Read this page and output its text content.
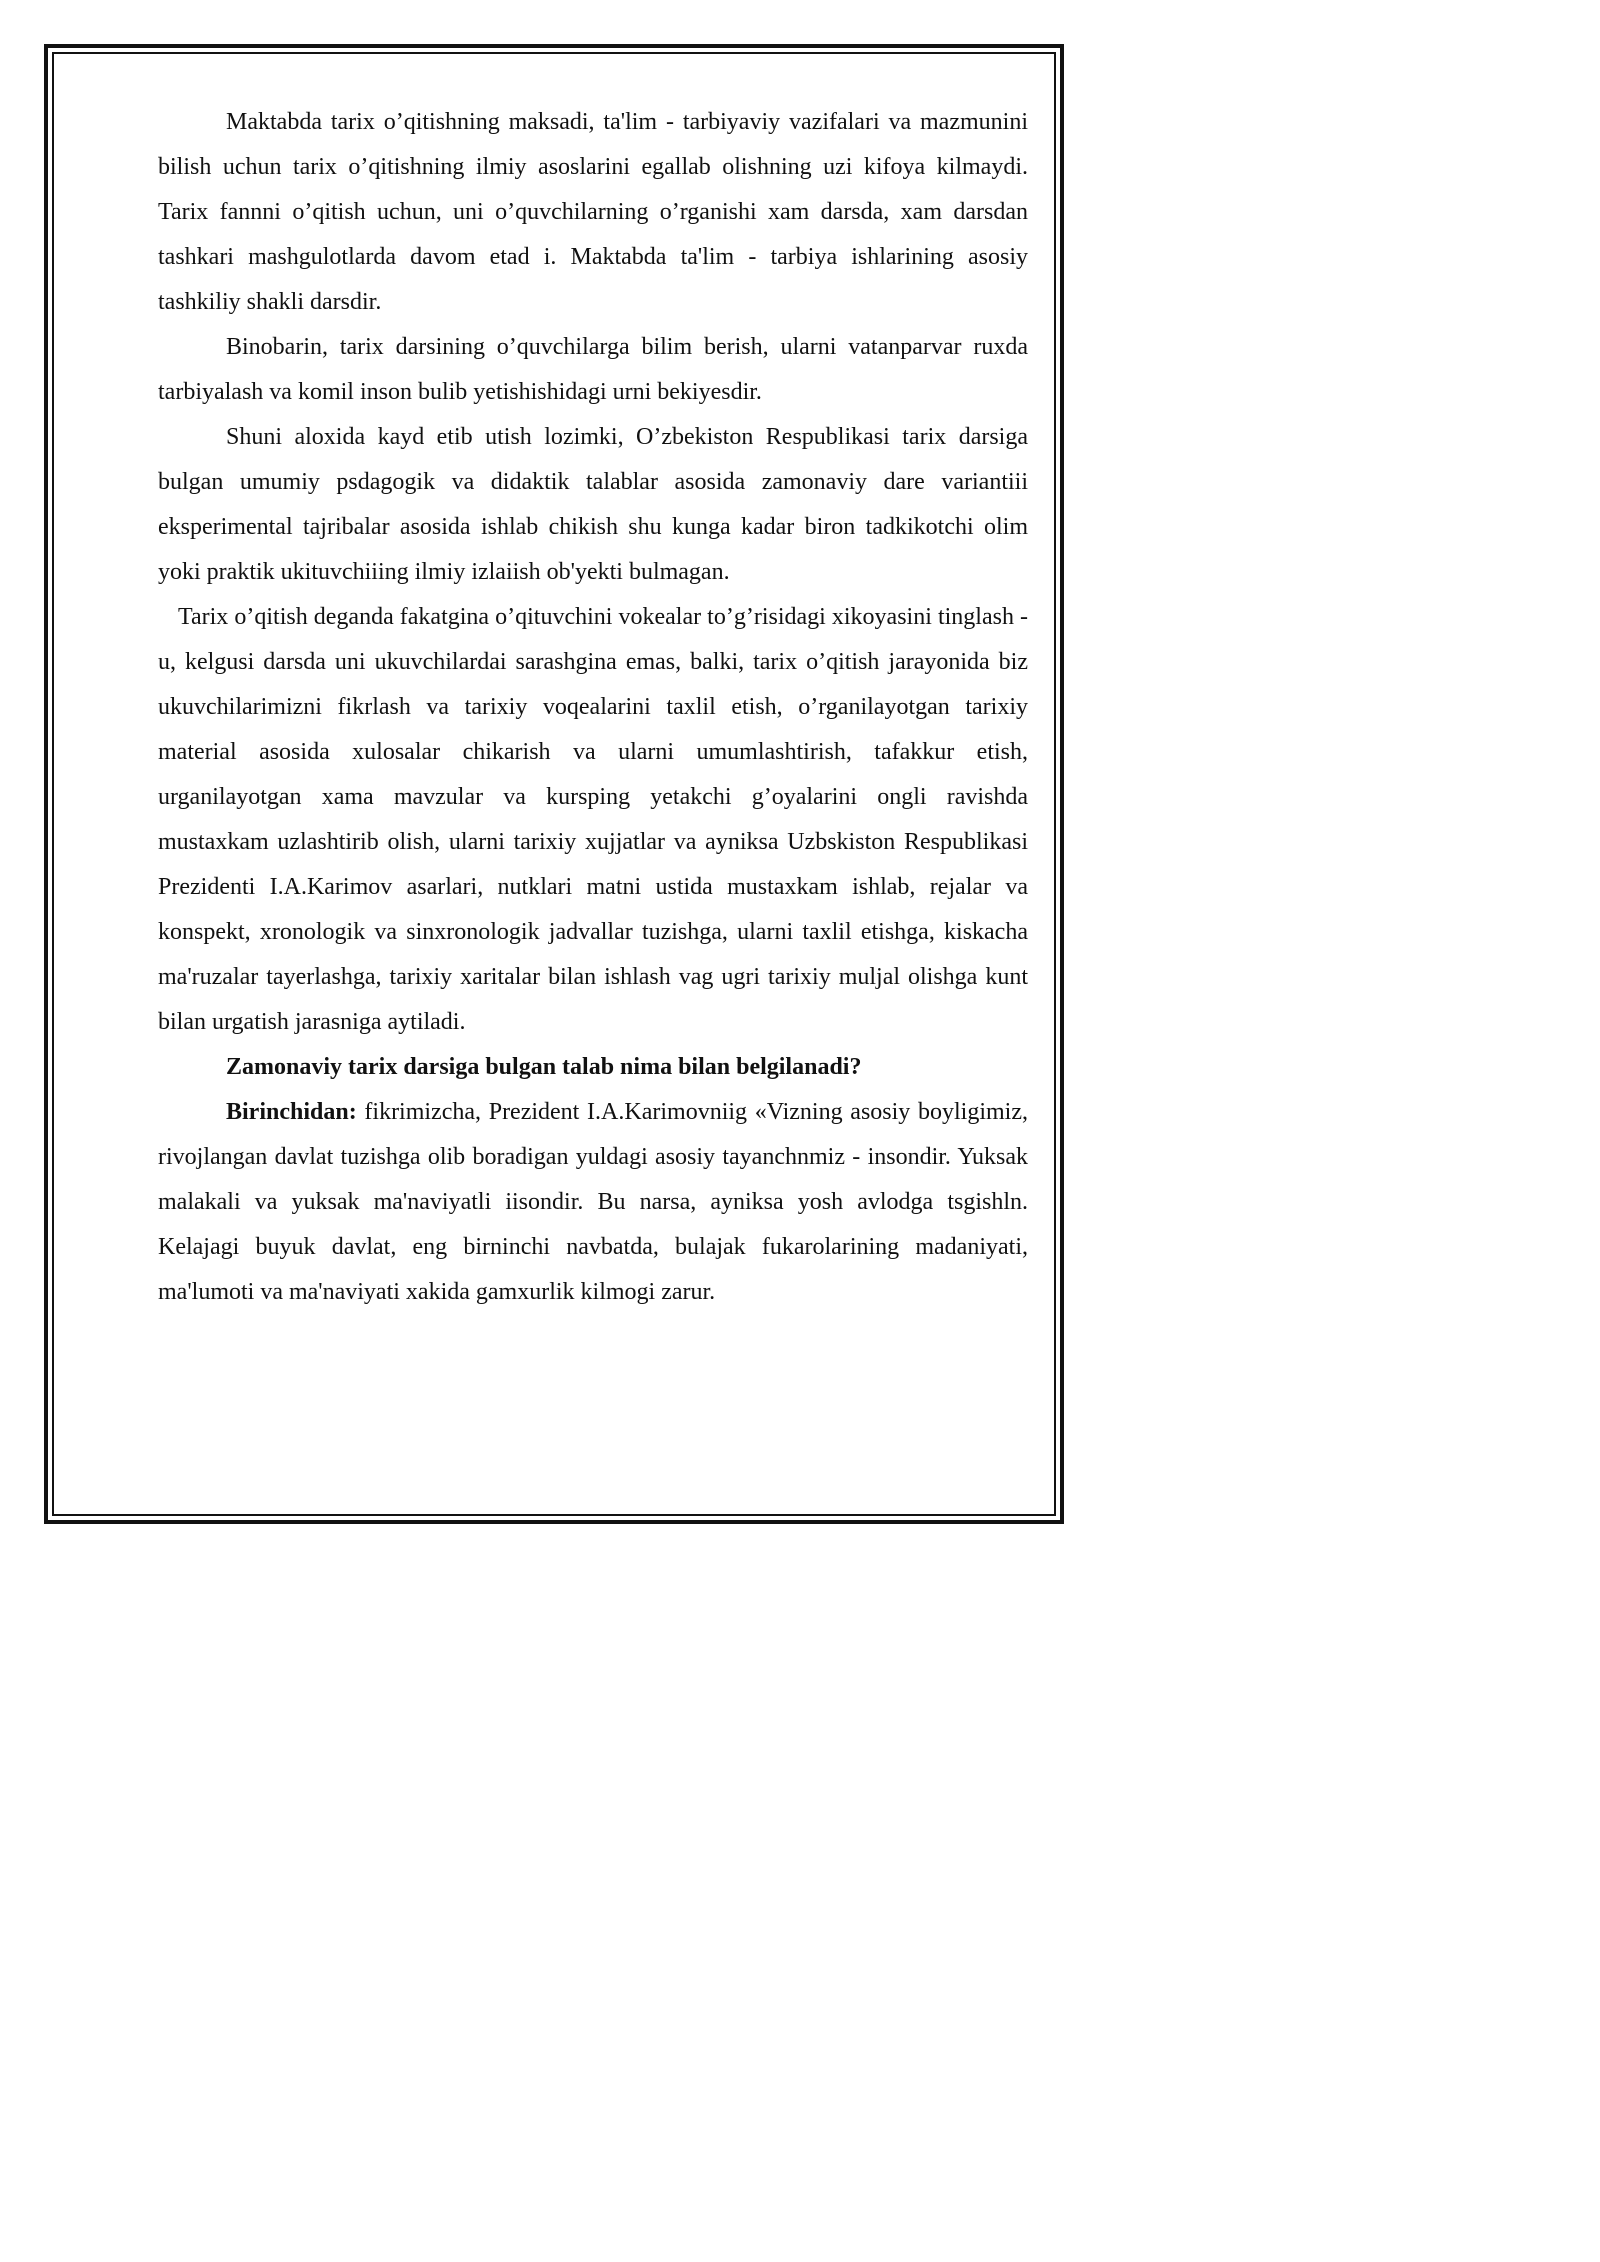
Maktabda tarix o’qitishning maksadi, ta'lim - tarbiyaviy vazifalari va mazmunini bilish uchun tarix o’qitishning ilmiy asoslarini egallab olishning uzi kifoya kilmaydi. Tarix fannni o’qitish uchun, uni o’quvchilarning o’rganishi xam darsda, xam darsdan tashkari mashgulotlarda davom etad i. Maktabda ta'lim - tarbiya ishlarining asosiy tashkiliy shakli darsdir.

Binobarin, tarix darsining o’quvchilarga bilim berish, ularni vatanparvar ruxda tarbiyalash va komil inson bulib yetishishidagi urni bekiyesdir.

Shuni aloxida kayd etib utish lozimki, O’zbekiston Respublikasi tarix darsiga bulgan umumiy psdagogik va didaktik talablar asosida zamonaviy dare variantiii eksperimental tajribalar asosida ishlab chikish shu kunga kadar biron tadkikotchi olim yoki praktik ukituvchiiing ilmiy izlaiish ob'yekti bulmagan.

Tarix o’qitish deganda fakatgina o’qituvchini vokealar to’g’risidagi xikoyasini tinglash - u, kelgusi darsda uni ukuvchilardai sarashgina emas, balki, tarix o’qitish jarayonida biz ukuvchilarimizni fikrlash va tarixiy voqealarini taxlil etish, o’rganilayotgan tarixiy material asosida xulosalar chikarish va ularni umumlashtirish, tafakkur etish, urganilayotgan xama mavzular va kursping yetakchi g’oyalarini ongli ravishda mustaxkam uzlashtirib olish, ularni tarixiy xujjatlar va ayniksa Uzbskiston Respublikasi Prezidenti I.A.Karimov asarlari, nutklari matni ustida mustaxkam ishlab, rejalar va konspekt, xronologik va sinxronologik jadvallar tuzishga, ularni taxlil etishga, kiskacha ma'ruzalar tayerlashga, tarixiy xaritalar bilan ishlash vag ugri tarixiy muljal olishga kunt bilan urgatish jarasniga aytiladi.

Zamonaviy tarix darsiga bulgan talab nima bilan belgilanadi?

Birinchidan: fikrimizcha, Prezident I.A.Karimovniig «Vizning asosiy boyligimiz, rivojlangan davlat tuzishga olib boradigan yuldagi asosiy tayanchnmiz - insondir. Yuksak malakali va yuksak ma'naviyatli iisondir. Bu narsa, ayniksa yosh avlodga tsgishln. Kelajagi buyuk davlat, eng birninchi navbatda, bulajak fukarolarining madaniyati, ma'lumoti va ma'naviyati xakida gamxurlik kilmogi zarur.
